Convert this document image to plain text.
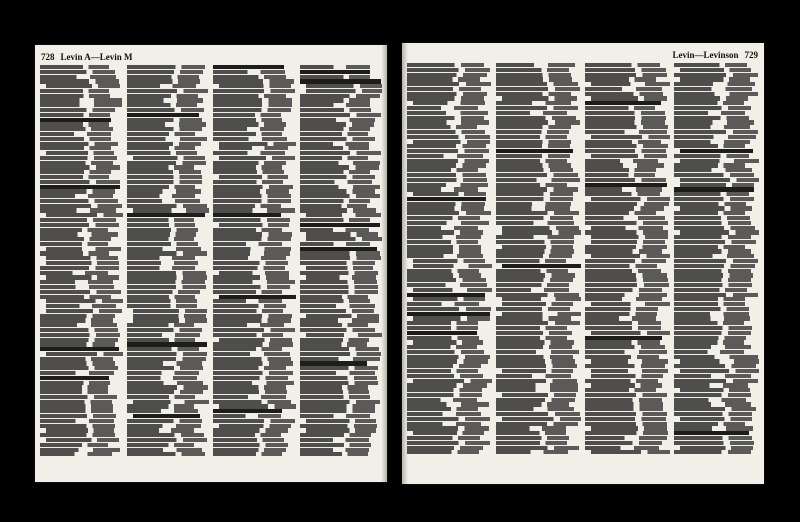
728 Levin A—Levin M	Levin—Levinson 729
